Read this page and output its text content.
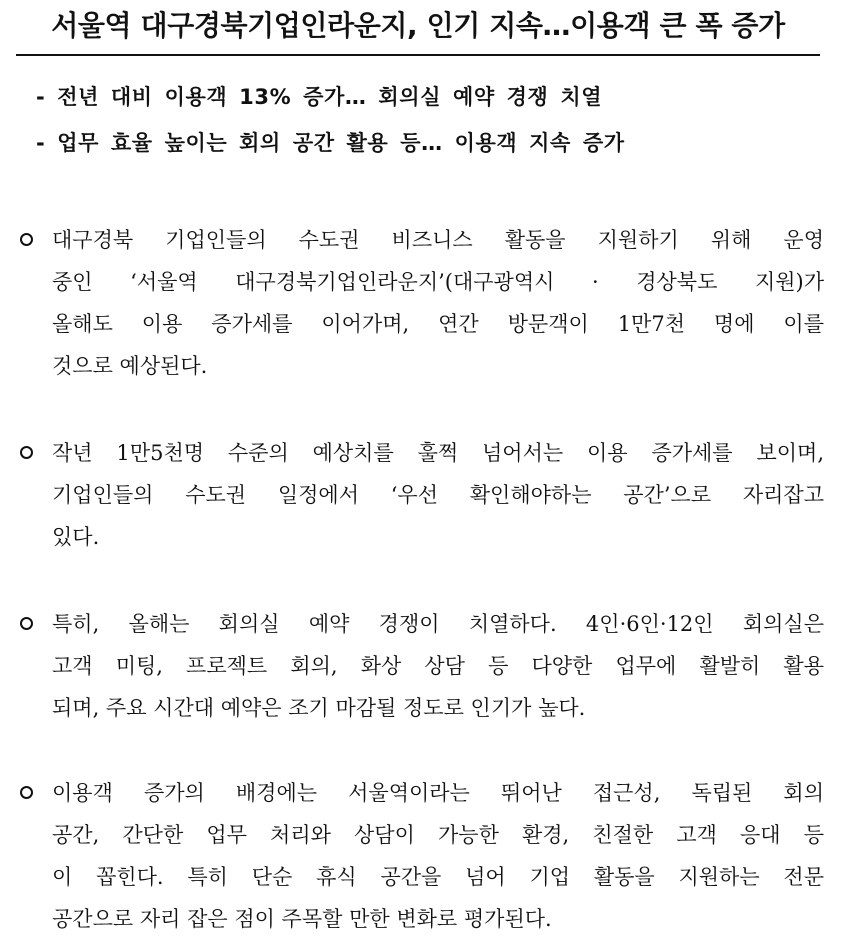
서울역 대구경북기업인라운지, 인기 지속…이용객 큰 폭 증가
- 전년 대비 이용객 13% 증가… 회의실 예약 경쟁 치열
- 업무 효율 높이는 회의 공간 활용 등… 이용객 지속 증가
대구경북 기업인들의 수도권 비즈니스 활동을 지원하기 위해 운영
중인 ‘서울역 대구경북기업인라운지’(대구광역시 · 경상북도 지원)가
올해도 이용 증가세를 이어가며, 연간 방문객이 1만7천 명에 이를
것으로 예상된다.
작년 1만5천명 수준의 예상치를 훌쩍 넘어서는 이용 증가세를 보이며,
기업인들의 수도권 일정에서 ‘우선 확인해야하는 공간’으로 자리잡고
있다.
특히, 올해는 회의실 예약 경쟁이 치열하다. 4인·6인·12인 회의실은
고객 미팅, 프로젝트 회의, 화상 상담 등 다양한 업무에 활발히 활용
되며, 주요 시간대 예약은 조기 마감될 정도로 인기가 높다.
이용객 증가의 배경에는 서울역이라는 뛰어난 접근성, 독립된 회의
공간, 간단한 업무 처리와 상담이 가능한 환경, 친절한 고객 응대 등
이 꼽힌다. 특히 단순 휴식 공간을 넘어 기업 활동을 지원하는 전문
공간으로 자리 잡은 점이 주목할 만한 변화로 평가된다.
